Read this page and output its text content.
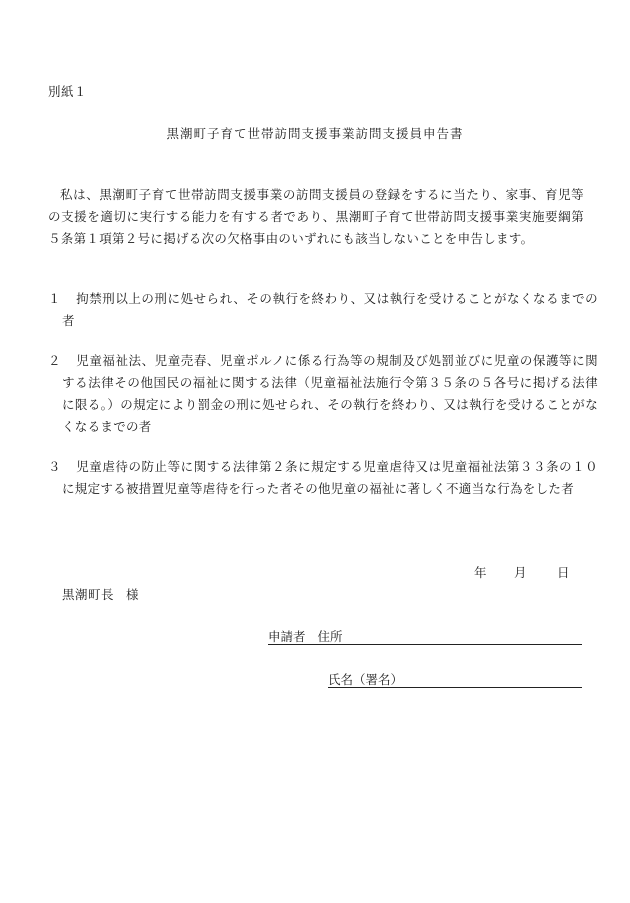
別紙１
黒潮町子育て世帯訪問支援事業訪問支援員申告書
私は、黒潮町子育て世帯訪問支援事業の訪問支援員の登録をするに当たり、家事、育児等の支援を適切に実行する能力を有する者であり、黒潮町子育て世帯訪問支援事業実施要綱第５条第１項第２号に掲げる次の欠格事由のいずれにも該当しないことを申告します。
１ 拘禁刑以上の刑に処せられ、その執行を終わり、又は執行を受けることがなくなるまでの者
２ 児童福祉法、児童売春、児童ポルノに係る行為等の規制及び処罰並びに児童の保護等に関する法律その他国民の福祉に関する法律（児童福祉法施行令第３５条の５各号に掲げる法律に限る。）の規定により罰金の刑に処せられ、その執行を終わり、又は執行を受けることがなくなるまでの者
３ 児童虐待の防止等に関する法律第２条に規定する児童虐待又は児童福祉法第３３条の１０に規定する被措置児童等虐待を行った者その他児童の福祉に著しく不適当な行為をした者
年 月 日
黒潮町長 様
申請者 住所
氏名（署名）
